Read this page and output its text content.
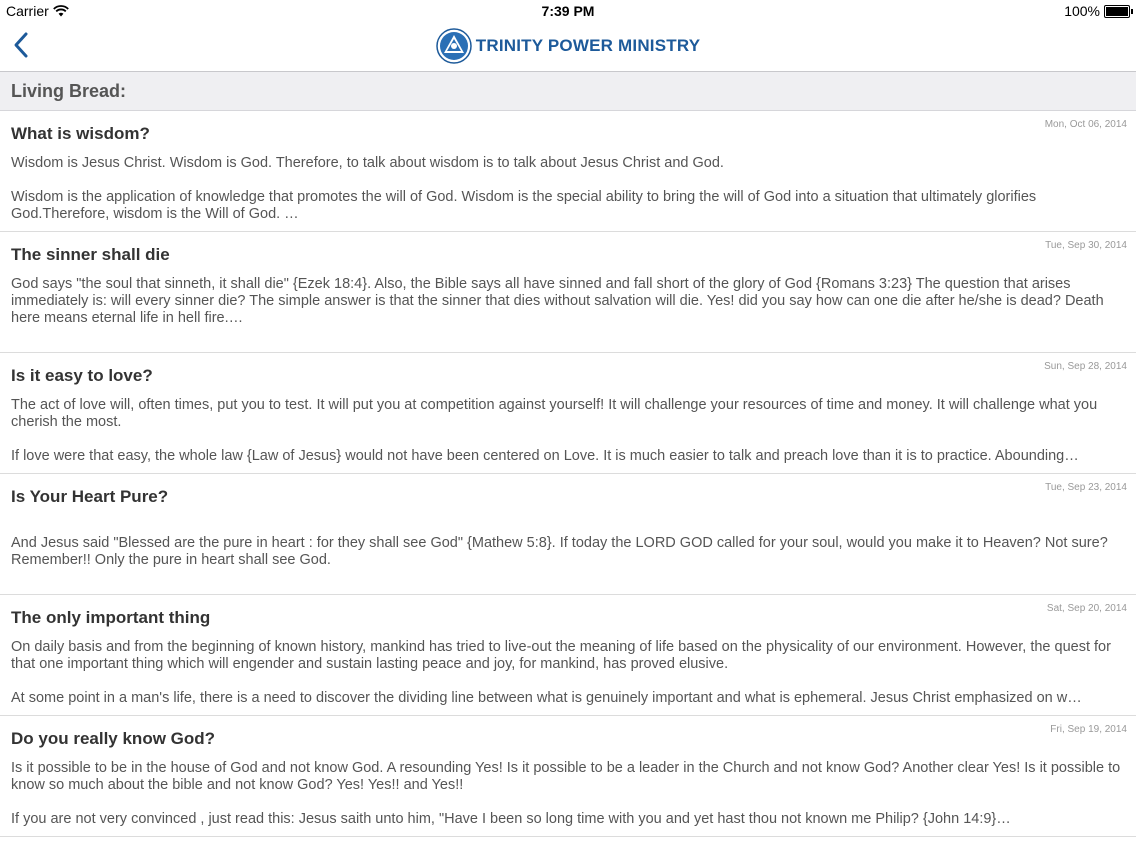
Carrier	7:39 PM	100%
TRINITY POWER MINISTRY
Living Bread:
What is wisdom?	Mon, Oct 06, 2014

Wisdom is Jesus Christ. Wisdom is God. Therefore, to talk about wisdom is to talk about Jesus Christ and God.

Wisdom is the application of knowledge that promotes the will of God. Wisdom is the special ability to bring the will of God into a situation that ultimately glorifies God.Therefore, wisdom is the Will of God. …

The sinner shall die	Tue, Sep 30, 2014

God says "the soul that sinneth, it shall die" {Ezek 18:4}. Also, the Bible says all have sinned and fall short of the glory of God {Romans 3:23} The question that arises immediately is: will every sinner die? The simple answer is that the sinner that dies without salvation will die. Yes! did you say how can one die after he/she is dead? Death here means eternal life in hell fire.…

Is it easy to love?	Sun, Sep 28, 2014

The act of love will, often times, put you to test. It will put you at competition against yourself! It will challenge your resources of time and money. It will challenge what you cherish the most.

If love were that easy, the whole law {Law of Jesus} would not have been centered on Love. It is much easier to talk and preach love than it is to practice. Abounding…

Is Your Heart Pure?	Tue, Sep 23, 2014

And Jesus said "Blessed are the pure in heart : for they shall see God" {Mathew 5:8}. If today the LORD GOD called for your soul, would you make it to Heaven? Not sure? Remember!! Only the pure in heart shall see God.

The only important thing	Sat, Sep 20, 2014

On daily basis and from the beginning of known history, mankind has tried to live-out the meaning of life based on the physicality of our environment. However, the quest for that one important thing which will engender and sustain lasting peace and joy, for mankind, has proved elusive.

At some point in a man's life, there is a need to discover the dividing line between what is genuinely important and what is ephemeral. Jesus Christ emphasized on w…

Do you really know God?	Fri, Sep 19, 2014

Is it possible to be in the house of God and not know God. A resounding Yes! Is it possible to be a leader in the Church and not know God? Another clear Yes! Is it possible to know so much about the bible and not know God? Yes! Yes!! and Yes!!

If you are not very convinced , just read this: Jesus saith unto him, "Have I been so long time with you and yet hast thou not known me Philip? {John 14:9}…
